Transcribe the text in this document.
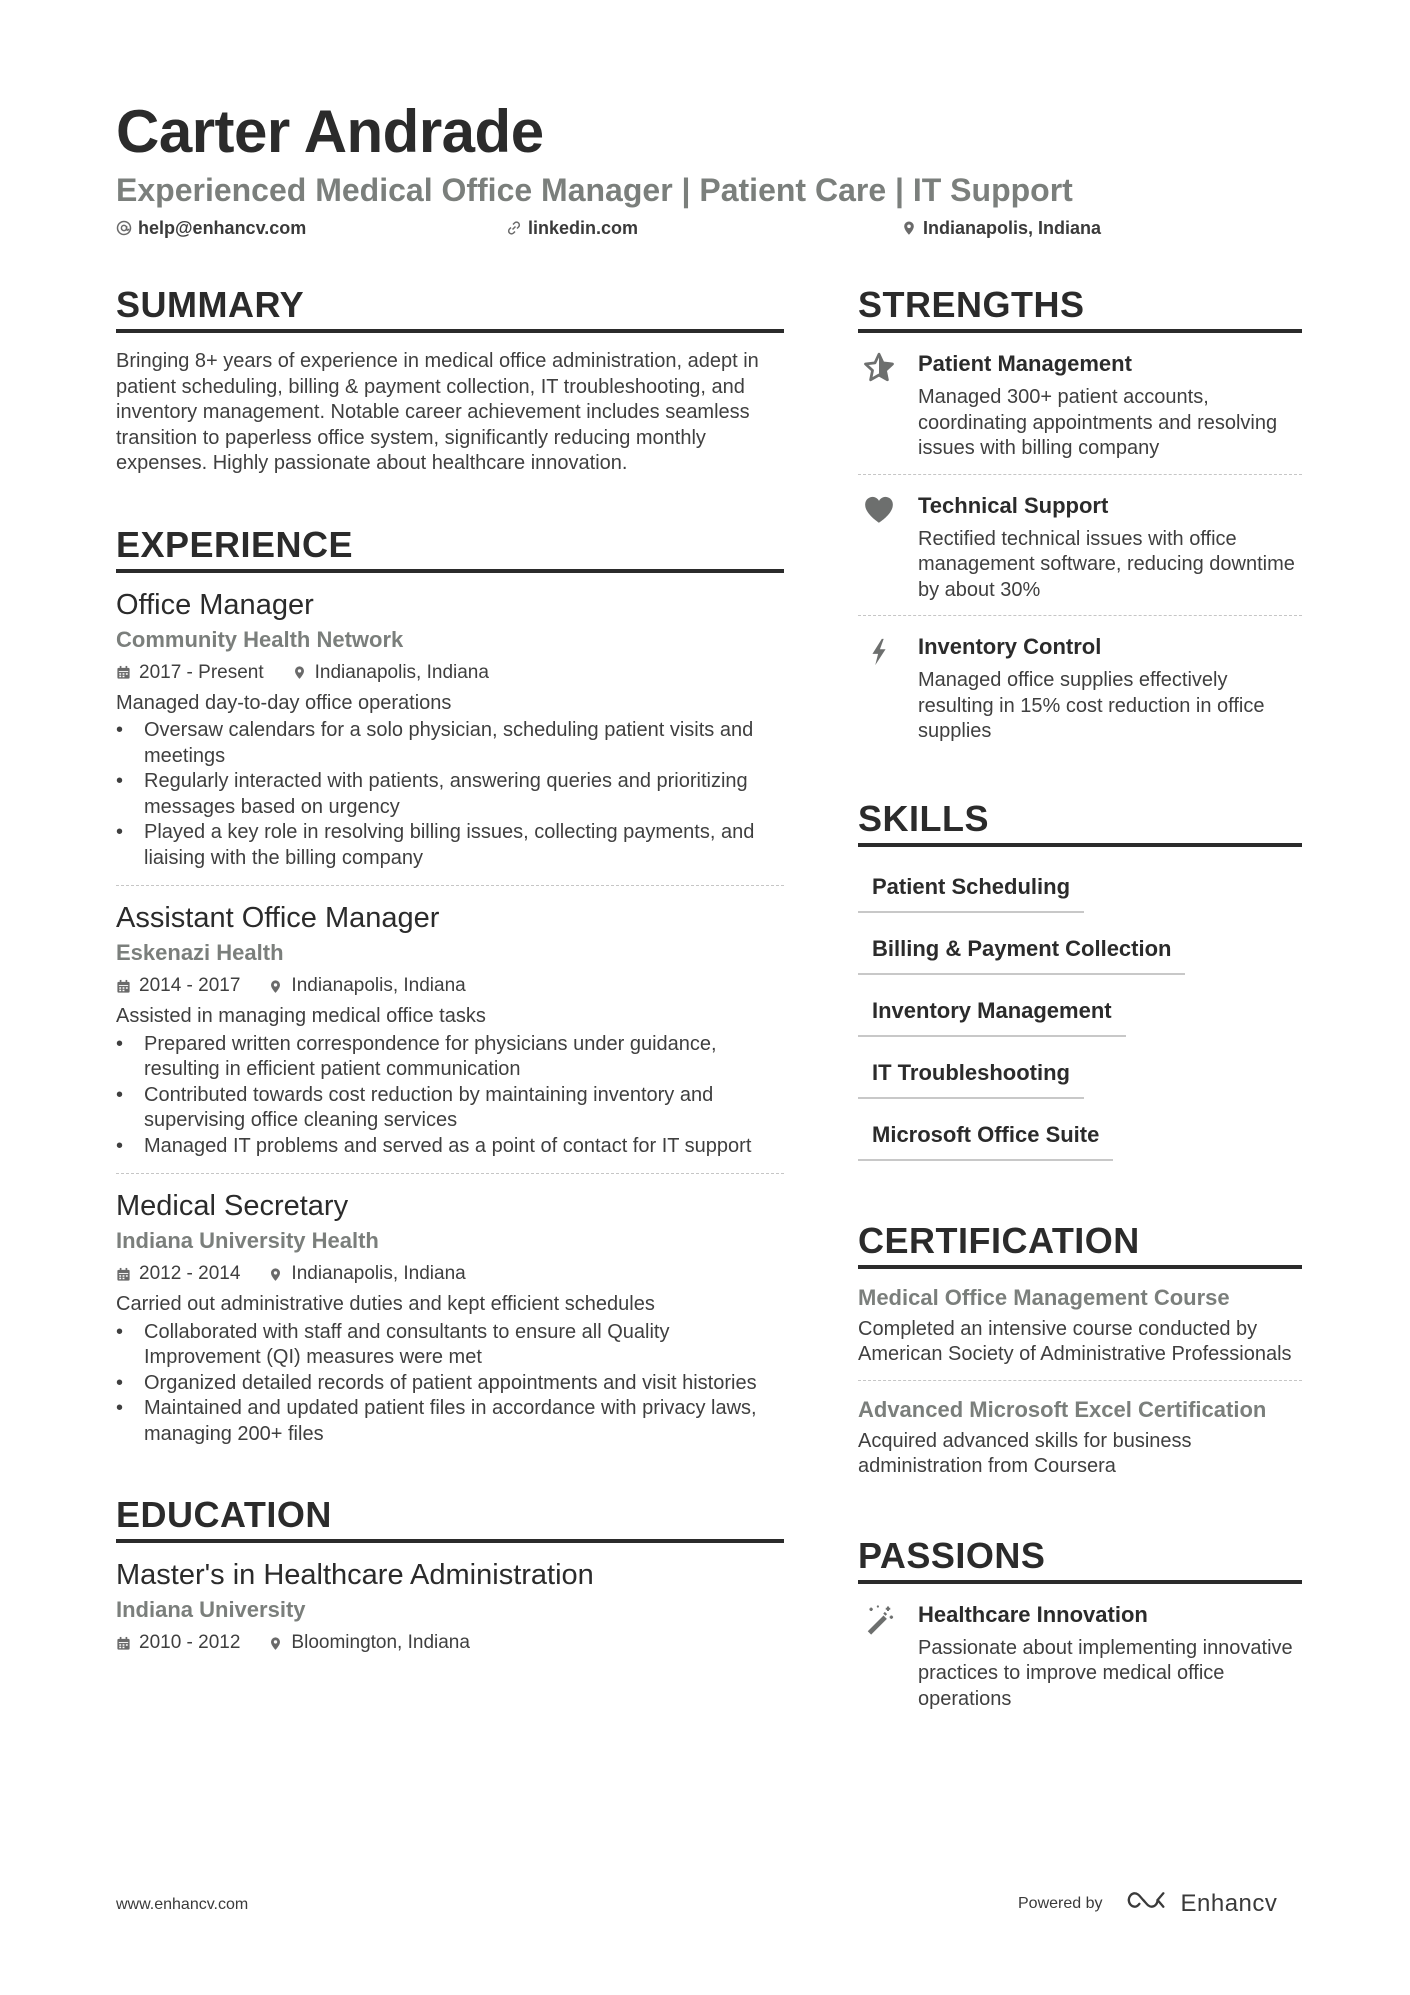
Carter Andrade
Experienced Medical Office Manager | Patient Care | IT Support
help@enhancv.com	linkedin.com	Indianapolis, Indiana
SUMMARY
Bringing 8+ years of experience in medical office administration, adept in patient scheduling, billing & payment collection, IT troubleshooting, and inventory management. Notable career achievement includes seamless transition to paperless office system, significantly reducing monthly expenses. Highly passionate about healthcare innovation.
EXPERIENCE
Office Manager
Community Health Network
2017 - Present	Indianapolis, Indiana
Managed day-to-day office operations
• Oversaw calendars for a solo physician, scheduling patient visits and meetings
• Regularly interacted with patients, answering queries and prioritizing messages based on urgency
• Played a key role in resolving billing issues, collecting payments, and liaising with the billing company
Assistant Office Manager
Eskenazi Health
2014 - 2017	Indianapolis, Indiana
Assisted in managing medical office tasks
• Prepared written correspondence for physicians under guidance, resulting in efficient patient communication
• Contributed towards cost reduction by maintaining inventory and supervising office cleaning services
• Managed IT problems and served as a point of contact for IT support
Medical Secretary
Indiana University Health
2012 - 2014	Indianapolis, Indiana
Carried out administrative duties and kept efficient schedules
• Collaborated with staff and consultants to ensure all Quality Improvement (QI) measures were met
• Organized detailed records of patient appointments and visit histories
• Maintained and updated patient files in accordance with privacy laws, managing 200+ files
EDUCATION
Master's in Healthcare Administration
Indiana University
2010 - 2012	Bloomington, Indiana
STRENGTHS
Patient Management
Managed 300+ patient accounts, coordinating appointments and resolving issues with billing company
Technical Support
Rectified technical issues with office management software, reducing downtime by about 30%
Inventory Control
Managed office supplies effectively resulting in 15% cost reduction in office supplies
SKILLS
Patient Scheduling
Billing & Payment Collection
Inventory Management
IT Troubleshooting
Microsoft Office Suite
CERTIFICATION
Medical Office Management Course
Completed an intensive course conducted by American Society of Administrative Professionals
Advanced Microsoft Excel Certification
Acquired advanced skills for business administration from Coursera
PASSIONS
Healthcare Innovation
Passionate about implementing innovative practices to improve medical office operations
www.enhancv.com	Powered by	Enhancv
